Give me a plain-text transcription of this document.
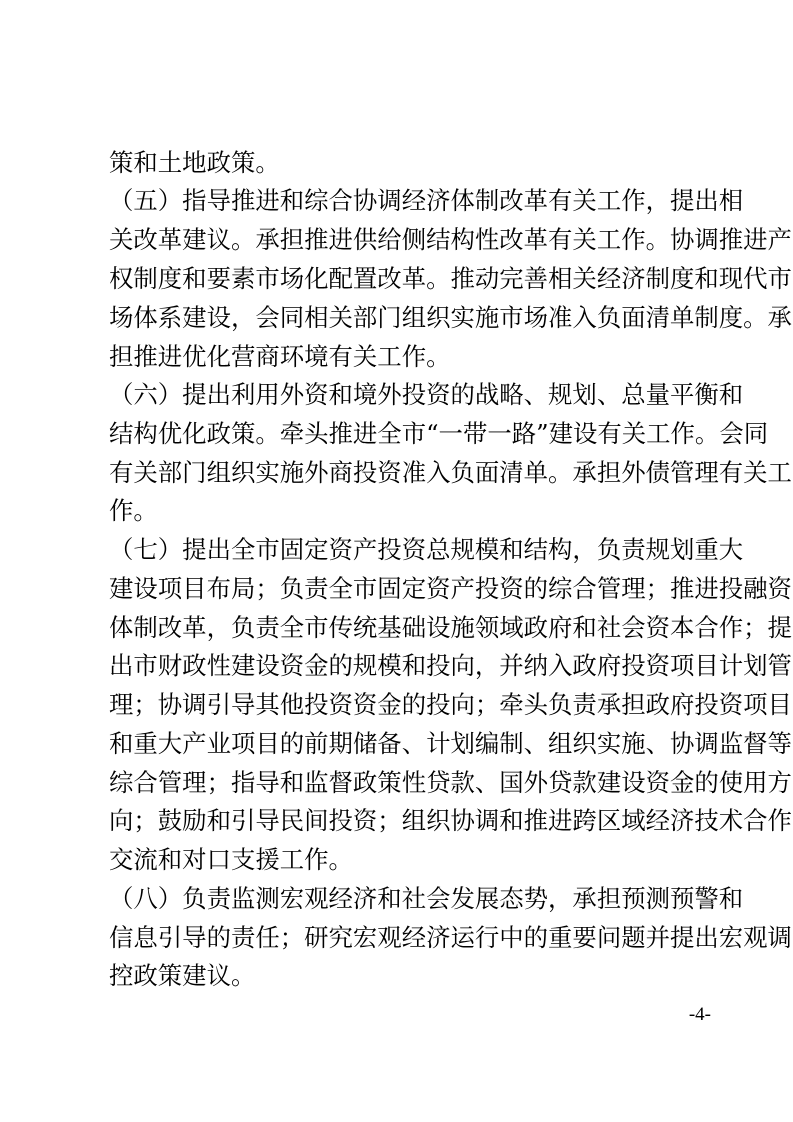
策和土地政策。
（五）指导推进和综合协调经济体制改革有关工作，提出相
关改革建议。承担推进供给侧结构性改革有关工作。协调推进产
权制度和要素市场化配置改革。推动完善相关经济制度和现代市
场体系建设，会同相关部门组织实施市场准入负面清单制度。承
担推进优化营商环境有关工作。
（六）提出利用外资和境外投资的战略、规划、总量平衡和
结构优化政策。牵头推进全市“一带一路”建设有关工作。会同
有关部门组织实施外商投资准入负面清单。承担外债管理有关工
作。
（七）提出全市固定资产投资总规模和结构，负责规划重大
建设项目布局；负责全市固定资产投资的综合管理；推进投融资
体制改革，负责全市传统基础设施领域政府和社会资本合作；提
出市财政性建设资金的规模和投向，并纳入政府投资项目计划管
理；协调引导其他投资资金的投向；牵头负责承担政府投资项目
和重大产业项目的前期储备、计划编制、组织实施、协调监督等
综合管理；指导和监督政策性贷款、国外贷款建设资金的使用方
向；鼓励和引导民间投资；组织协调和推进跨区域经济技术合作
交流和对口支援工作。
（八）负责监测宏观经济和社会发展态势，承担预测预警和
信息引导的责任；研究宏观经济运行中的重要问题并提出宏观调
控政策建议。
-4-
